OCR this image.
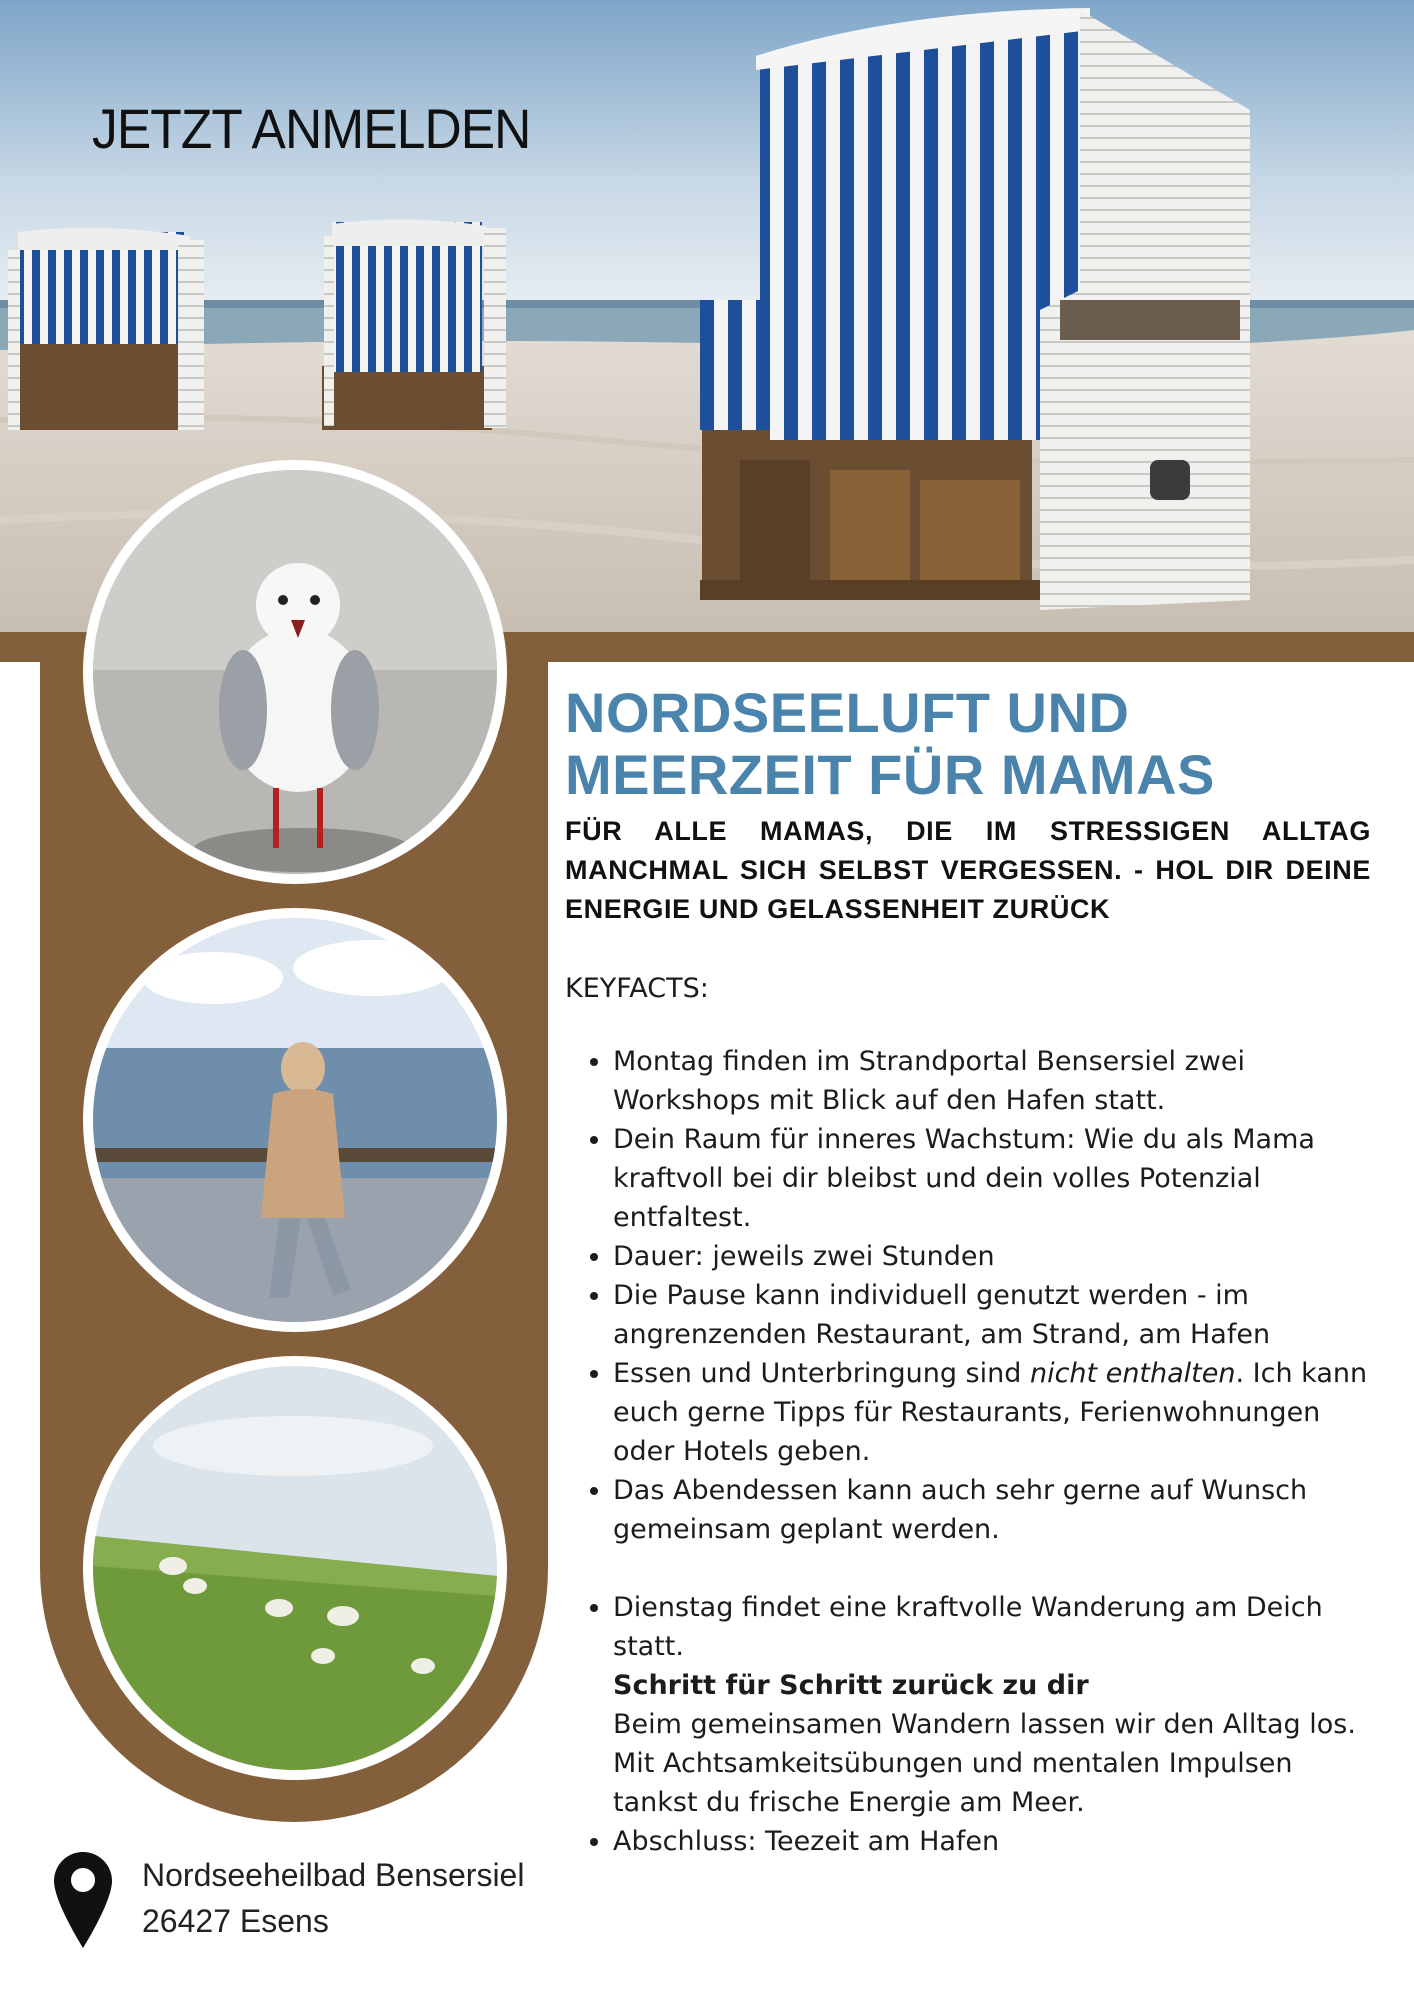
JETZT ANMELDEN
NORDSEELUFT UND
MEERZEIT FÜR MAMAS

FÜR ALLE MAMAS, DIE IM STRESSIGEN ALLTAG MANCHMAL SICH SELBST VERGESSEN. - HOL DIR DEINE ENERGIE UND GELASSENHEIT ZURÜCK

KEYFACTS:

• Montag finden im Strandportal Bensersiel zwei Workshops mit Blick auf den Hafen statt.
• Dein Raum für inneres Wachstum: Wie du als Mama kraftvoll bei dir bleibst und dein volles Potenzial entfaltest.
• Dauer: jeweils zwei Stunden
• Die Pause kann individuell genutzt werden - im angrenzenden Restaurant, am Strand, am Hafen
• Essen und Unterbringung sind nicht enthalten. Ich kann euch gerne Tipps für Restaurants, Ferienwohnungen oder Hotels geben.
• Das Abendessen kann auch sehr gerne auf Wunsch gemeinsam geplant werden.
• Dienstag findet eine kraftvolle Wanderung am Deich statt.
Schritt für Schritt zurück zu dir
Beim gemeinsamen Wandern lassen wir den Alltag los. Mit Achtsamkeitsübungen und mentalen Impulsen tankst du frische Energie am Meer.
• Abschluss: Teezeit am Hafen
Nordseeheilbad Bensersiel
26427 Esens
